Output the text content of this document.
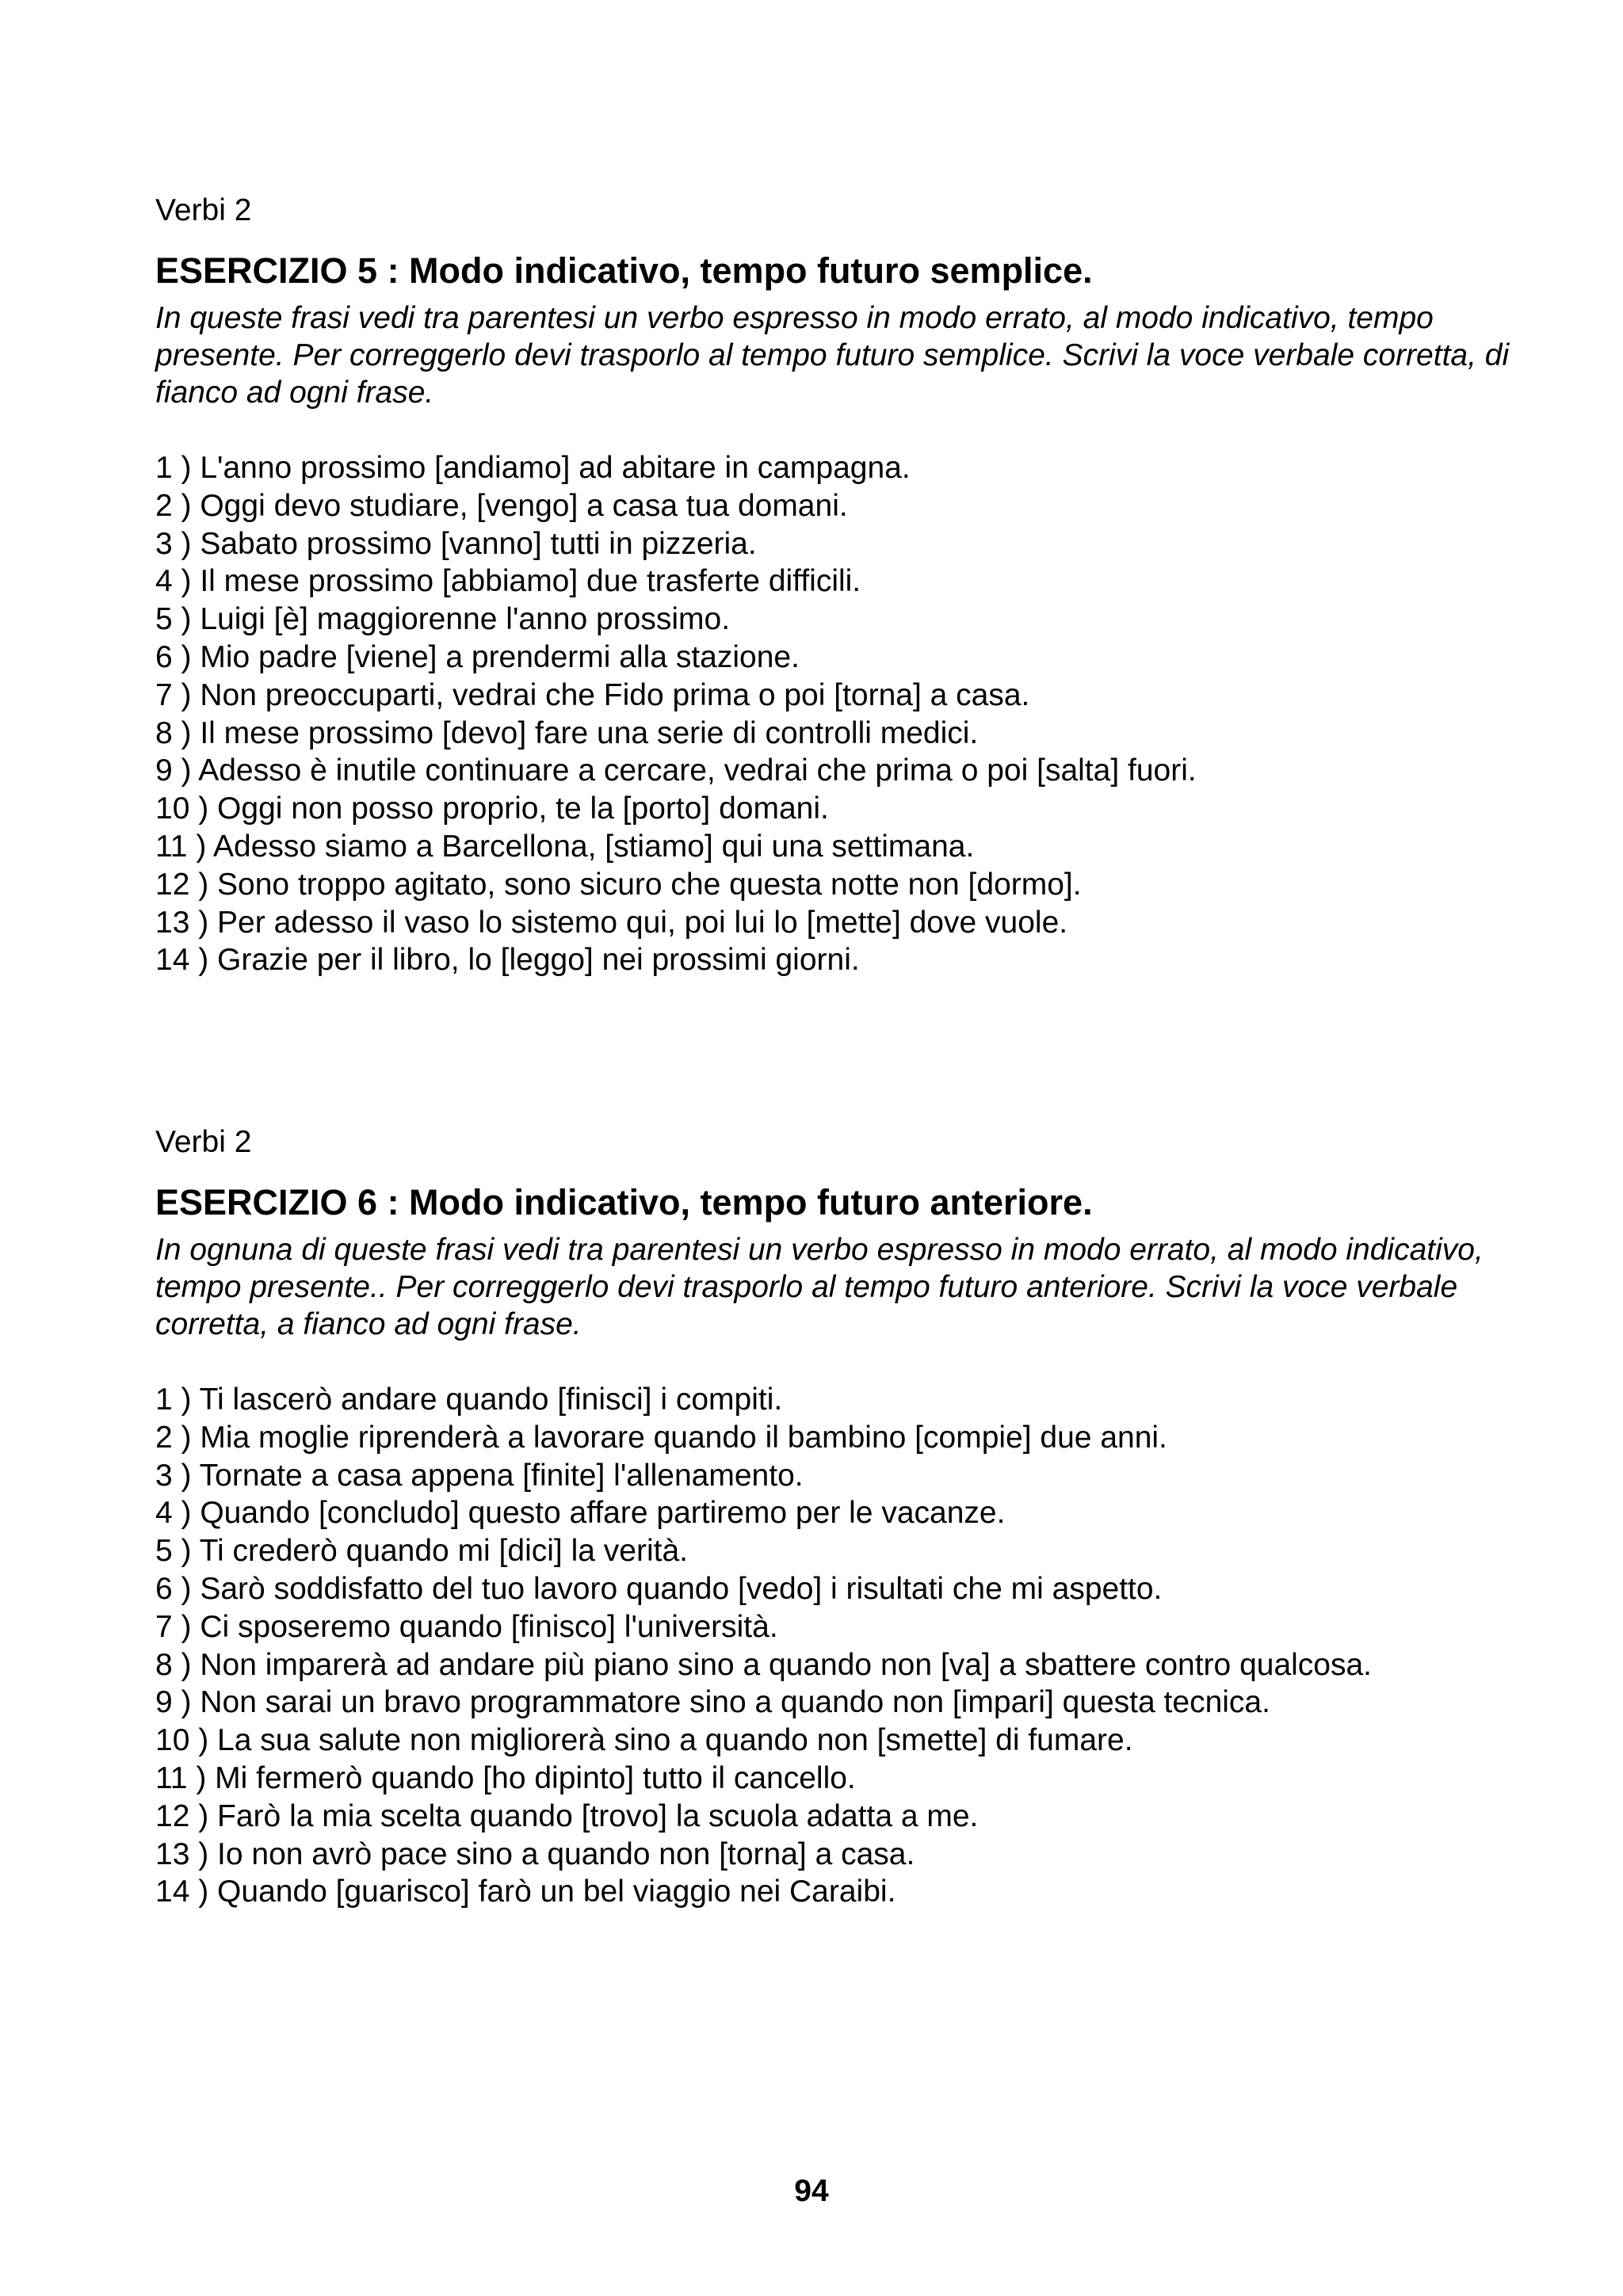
Verbi 2

ESERCIZIO 5 : Modo indicativo, tempo futuro semplice.

In queste frasi vedi tra parentesi un verbo espresso in modo errato, al modo indicativo, tempo presente. Per correggerlo devi trasporlo al tempo futuro semplice. Scrivi la voce verbale corretta, di fianco ad ogni frase.

1 ) L'anno prossimo [andiamo] ad abitare in campagna.
2 ) Oggi devo studiare, [vengo] a casa tua domani.
3 ) Sabato prossimo [vanno] tutti in pizzeria.
4 ) Il mese prossimo [abbiamo] due trasferte difficili.
5 ) Luigi [è] maggiorenne l'anno prossimo.
6 ) Mio padre [viene] a prendermi alla stazione.
7 ) Non preoccuparti, vedrai che Fido prima o poi [torna] a casa.
8 ) Il mese prossimo [devo] fare una serie di controlli medici.
9 ) Adesso è inutile continuare a cercare, vedrai che prima o poi [salta] fuori.
10 ) Oggi non posso proprio, te la [porto] domani.
11 ) Adesso siamo a Barcellona, [stiamo] qui una settimana.
12 ) Sono troppo agitato, sono sicuro che questa notte non [dormo].
13 ) Per adesso il vaso lo sistemo qui, poi lui lo [mette] dove vuole.
14 ) Grazie per il libro, lo [leggo] nei prossimi giorni.

Verbi 2

ESERCIZIO 6 : Modo indicativo, tempo futuro anteriore.

In ognuna di queste frasi vedi tra parentesi un verbo espresso in modo errato, al modo indicativo, tempo presente.. Per correggerlo devi trasporlo al tempo futuro anteriore. Scrivi la voce verbale corretta, a fianco ad ogni frase.

1 ) Ti lascerò andare quando [finisci] i compiti.
2 ) Mia moglie riprenderà a lavorare quando il bambino [compie] due anni.
3 ) Tornate a casa appena [finite] l'allenamento.
4 ) Quando [concludo] questo affare partiremo per le vacanze.
5 ) Ti crederò quando mi [dici] la verità.
6 ) Sarò soddisfatto del tuo lavoro quando [vedo] i risultati che mi aspetto.
7 ) Ci sposeremo quando [finisco] l'università.
8 ) Non imparerà ad andare più piano sino a quando non [va] a sbattere contro qualcosa.
9 ) Non sarai un bravo programmatore sino a quando non [impari] questa tecnica.
10 ) La sua salute non migliorerà sino a quando non [smette] di fumare.
11 ) Mi fermerò quando [ho dipinto] tutto il cancello.
12 ) Farò la mia scelta quando [trovo] la scuola adatta a me.
13 ) Io non avrò pace sino a quando non [torna] a casa.
14 ) Quando [guarisco] farò un bel viaggio nei Caraibi.
94
